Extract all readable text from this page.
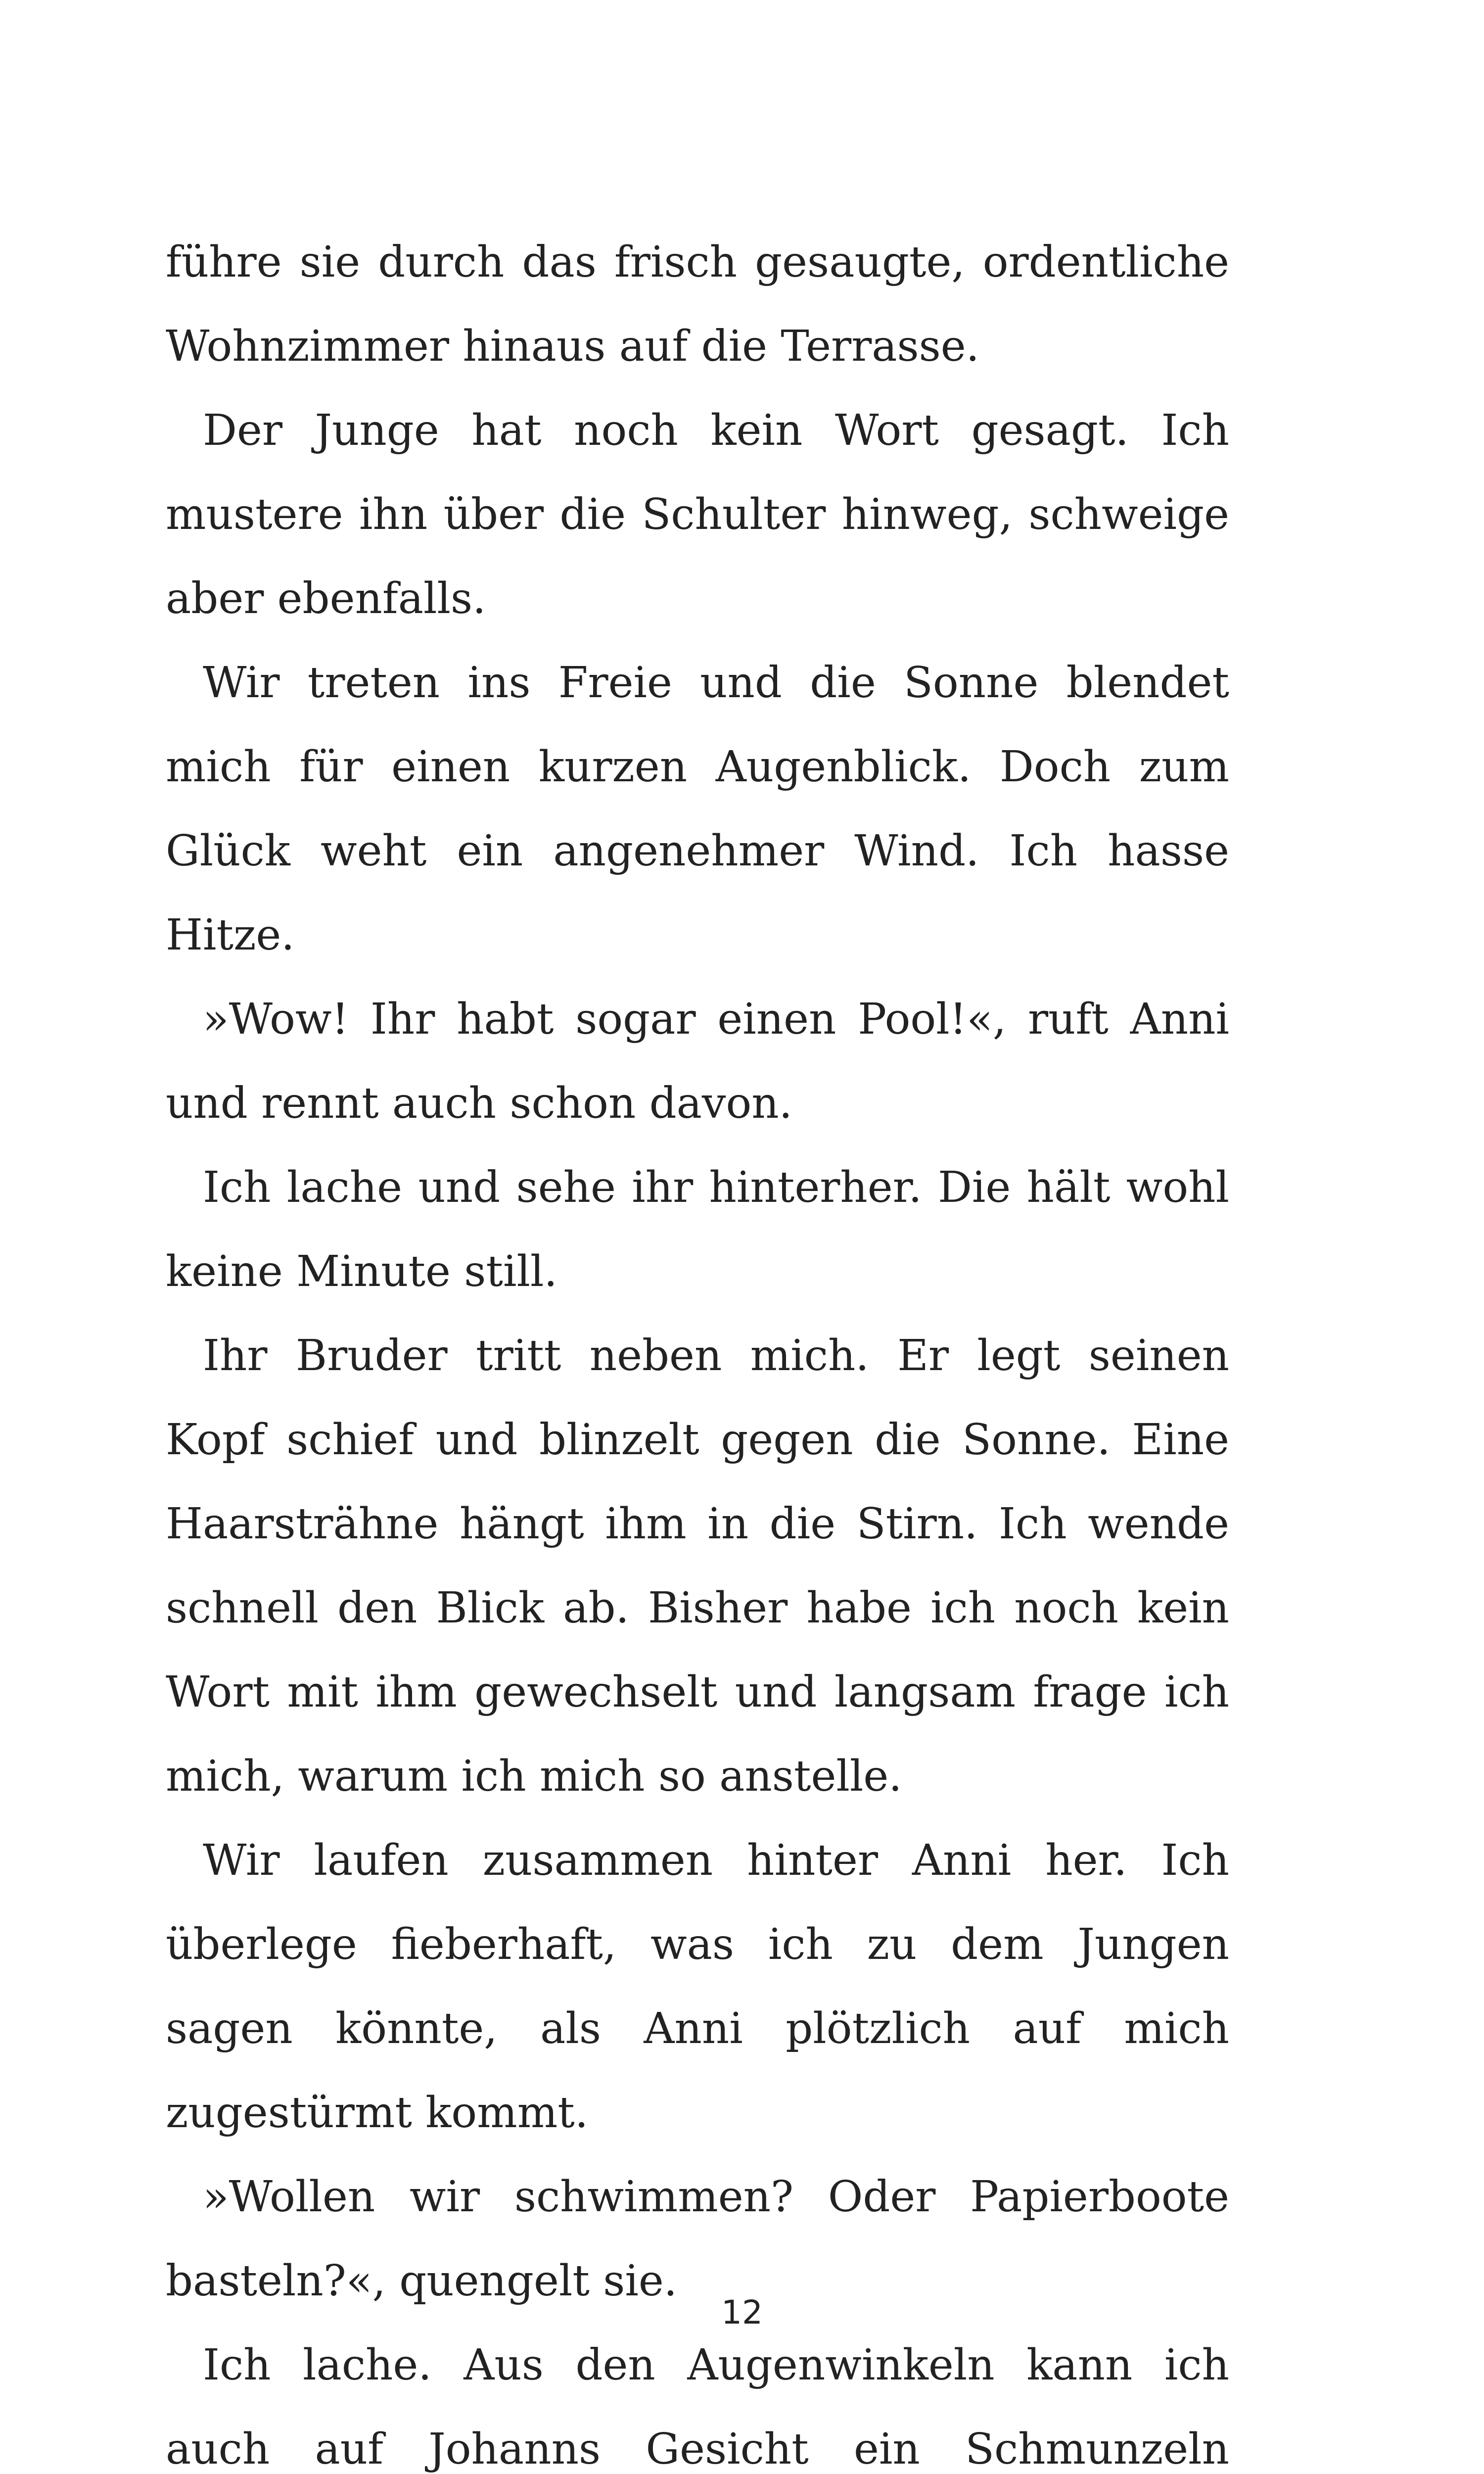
führe sie durch das frisch gesaugte, ordentliche Wohnzimmer hinaus auf die Terrasse.

Der Junge hat noch kein Wort gesagt. Ich mustere ihn über die Schulter hinweg, schweige aber ebenfalls.

Wir treten ins Freie und die Sonne blendet mich für einen kurzen Augenblick. Doch zum Glück weht ein angenehmer Wind. Ich hasse Hitze.

»Wow! Ihr habt sogar einen Pool!«, ruft Anni und rennt auch schon davon.

Ich lache und sehe ihr hinterher. Die hält wohl keine Minute still.

Ihr Bruder tritt neben mich. Er legt seinen Kopf schief und blinzelt gegen die Sonne. Eine Haarsträhne hängt ihm in die Stirn. Ich wende schnell den Blick ab. Bisher habe ich noch kein Wort mit ihm gewechselt und langsam frage ich mich, warum ich mich so anstelle.

Wir laufen zusammen hinter Anni her. Ich überlege fieberhaft, was ich zu dem Jungen sagen könnte, als Anni plötzlich auf mich zugestürmt kommt.

»Wollen wir schwimmen? Oder Papierboote basteln?«, quengelt sie.

Ich lache. Aus den Augenwinkeln kann ich auch auf Johanns Gesicht ein Schmunzeln

12
